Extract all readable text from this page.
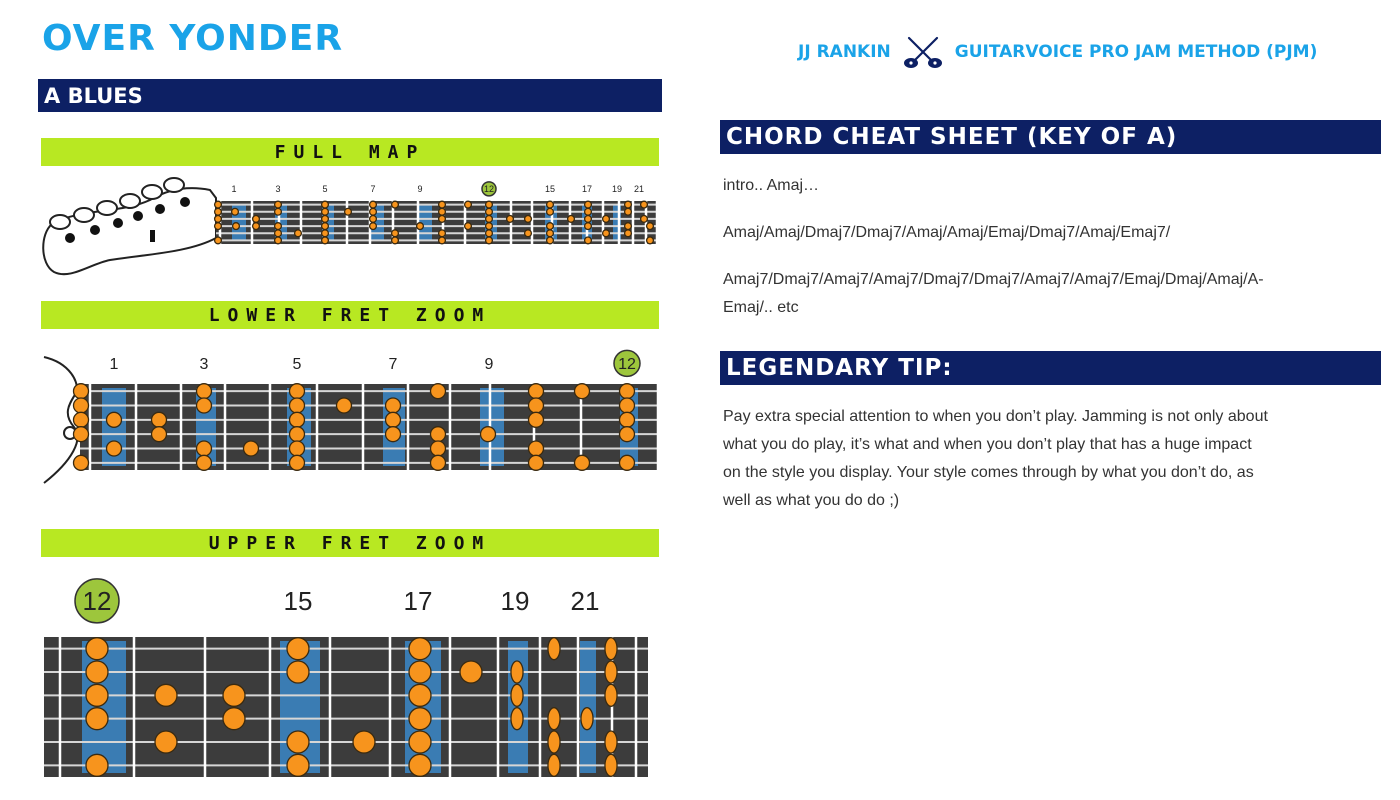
OVER YONDER	JJ RANKIN	GUITARVOICE PRO JAM METHOD (PJM)
A BLUES
FULL MAP
1	3	5	7	9	12	15	17 19 21
LOWER FRET ZOOM
1	3	5	7	9	12
UPPER FRET ZOOM
12	15	17	19 21
CHORD CHEAT SHEET (KEY OF A)
intro.. Amaj…
Amaj/Amaj/Dmaj7/Dmaj7/Amaj/Amaj/Emaj/Dmaj7/Amaj/Emaj7/
Amaj7/Dmaj7/Amaj7/Amaj7/Dmaj7/Dmaj7/Amaj7/Amaj7/Emaj/Dmaj/Amaj/A-Emaj/.. etc
LEGENDARY TIP:
Pay extra special attention to when you don’t play. Jamming is not only about what you do play, it’s what and when you don’t play that has a huge impact on the style you display. Your style comes through by what you don’t do, as well as what you do do ;)
